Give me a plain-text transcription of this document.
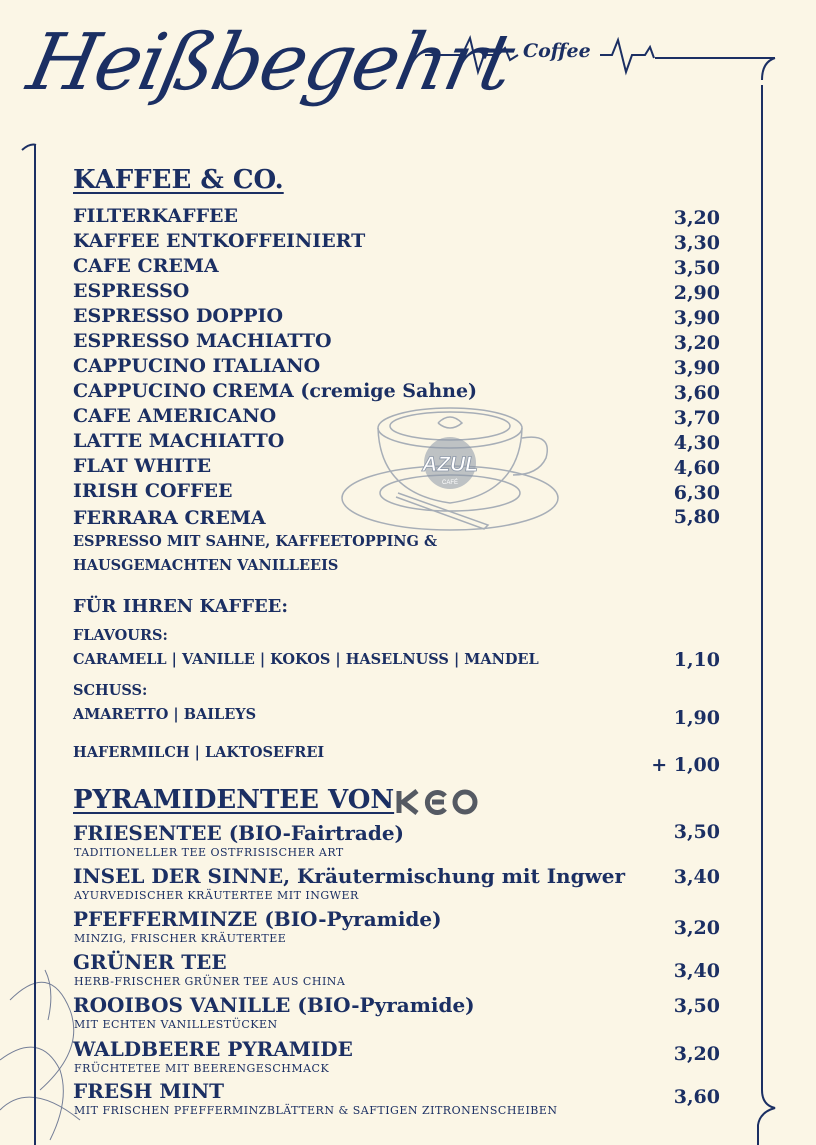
Heißbegehrt Coffee
AZUL
CAFÉ
KAFFEE & CO.
FILTERKAFFEE	3,20
KAFFEE ENTKOFFEINIERT	3,30
CAFE CREMA	3,50
ESPRESSO	2,90
ESPRESSO DOPPIO	3,90
ESPRESSO MACHIATTO	3,20
CAPPUCINO ITALIANO	3,90
CAPPUCINO CREMA (cremige Sahne)	3,60
CAFE AMERICANO	3,70
LATTE MACHIATTO	4,30
FLAT WHITE	4,60
IRISH COFFEE	6,30
FERRARA CREMA	5,80
ESPRESSO MIT SAHNE, KAFFEETOPPING &
HAUSGEMACHTEN VANILLEEIS
FÜR IHREN KAFFEE:
FLAVOURS:
CARAMELL | VANILLE | KOKOS | HASELNUSS | MANDEL	1,10
SCHUSS:
AMARETTO | BAILEYS	1,90
HAFERMILCH | LAKTOSEFREI
+ 1,00
PYRAMIDENTEE VON
FRIESENTEE (BIO-Fairtrade)
TADITIONELLER TEE OSTFRISISCHER ART
3,50
INSEL DER SINNE, Kräutermischung mit Ingwer
AYURVEDISCHER KRÄUTERTEE MIT INGWER
3,40
PFEFFERMINZE (BIO-Pyramide)
MINZIG, FRISCHER KRÄUTERTEE	3,20
GRÜNER TEE
HERB-FRISCHER GRÜNER TEE AUS CHINA	3,40
ROOIBOS VANILLE (BIO-Pyramide)
MIT ECHTEN VANILLESTÜCKEN
3,50
WALDBEERE PYRAMIDE
FRÜCHTETEE MIT BEERENGESCHMACK
3,20
FRESH MINT
MIT FRISCHEN PFEFFERMINZBLÄTTERN & SAFTIGEN ZITRONENSCHEIBEN
3,60
